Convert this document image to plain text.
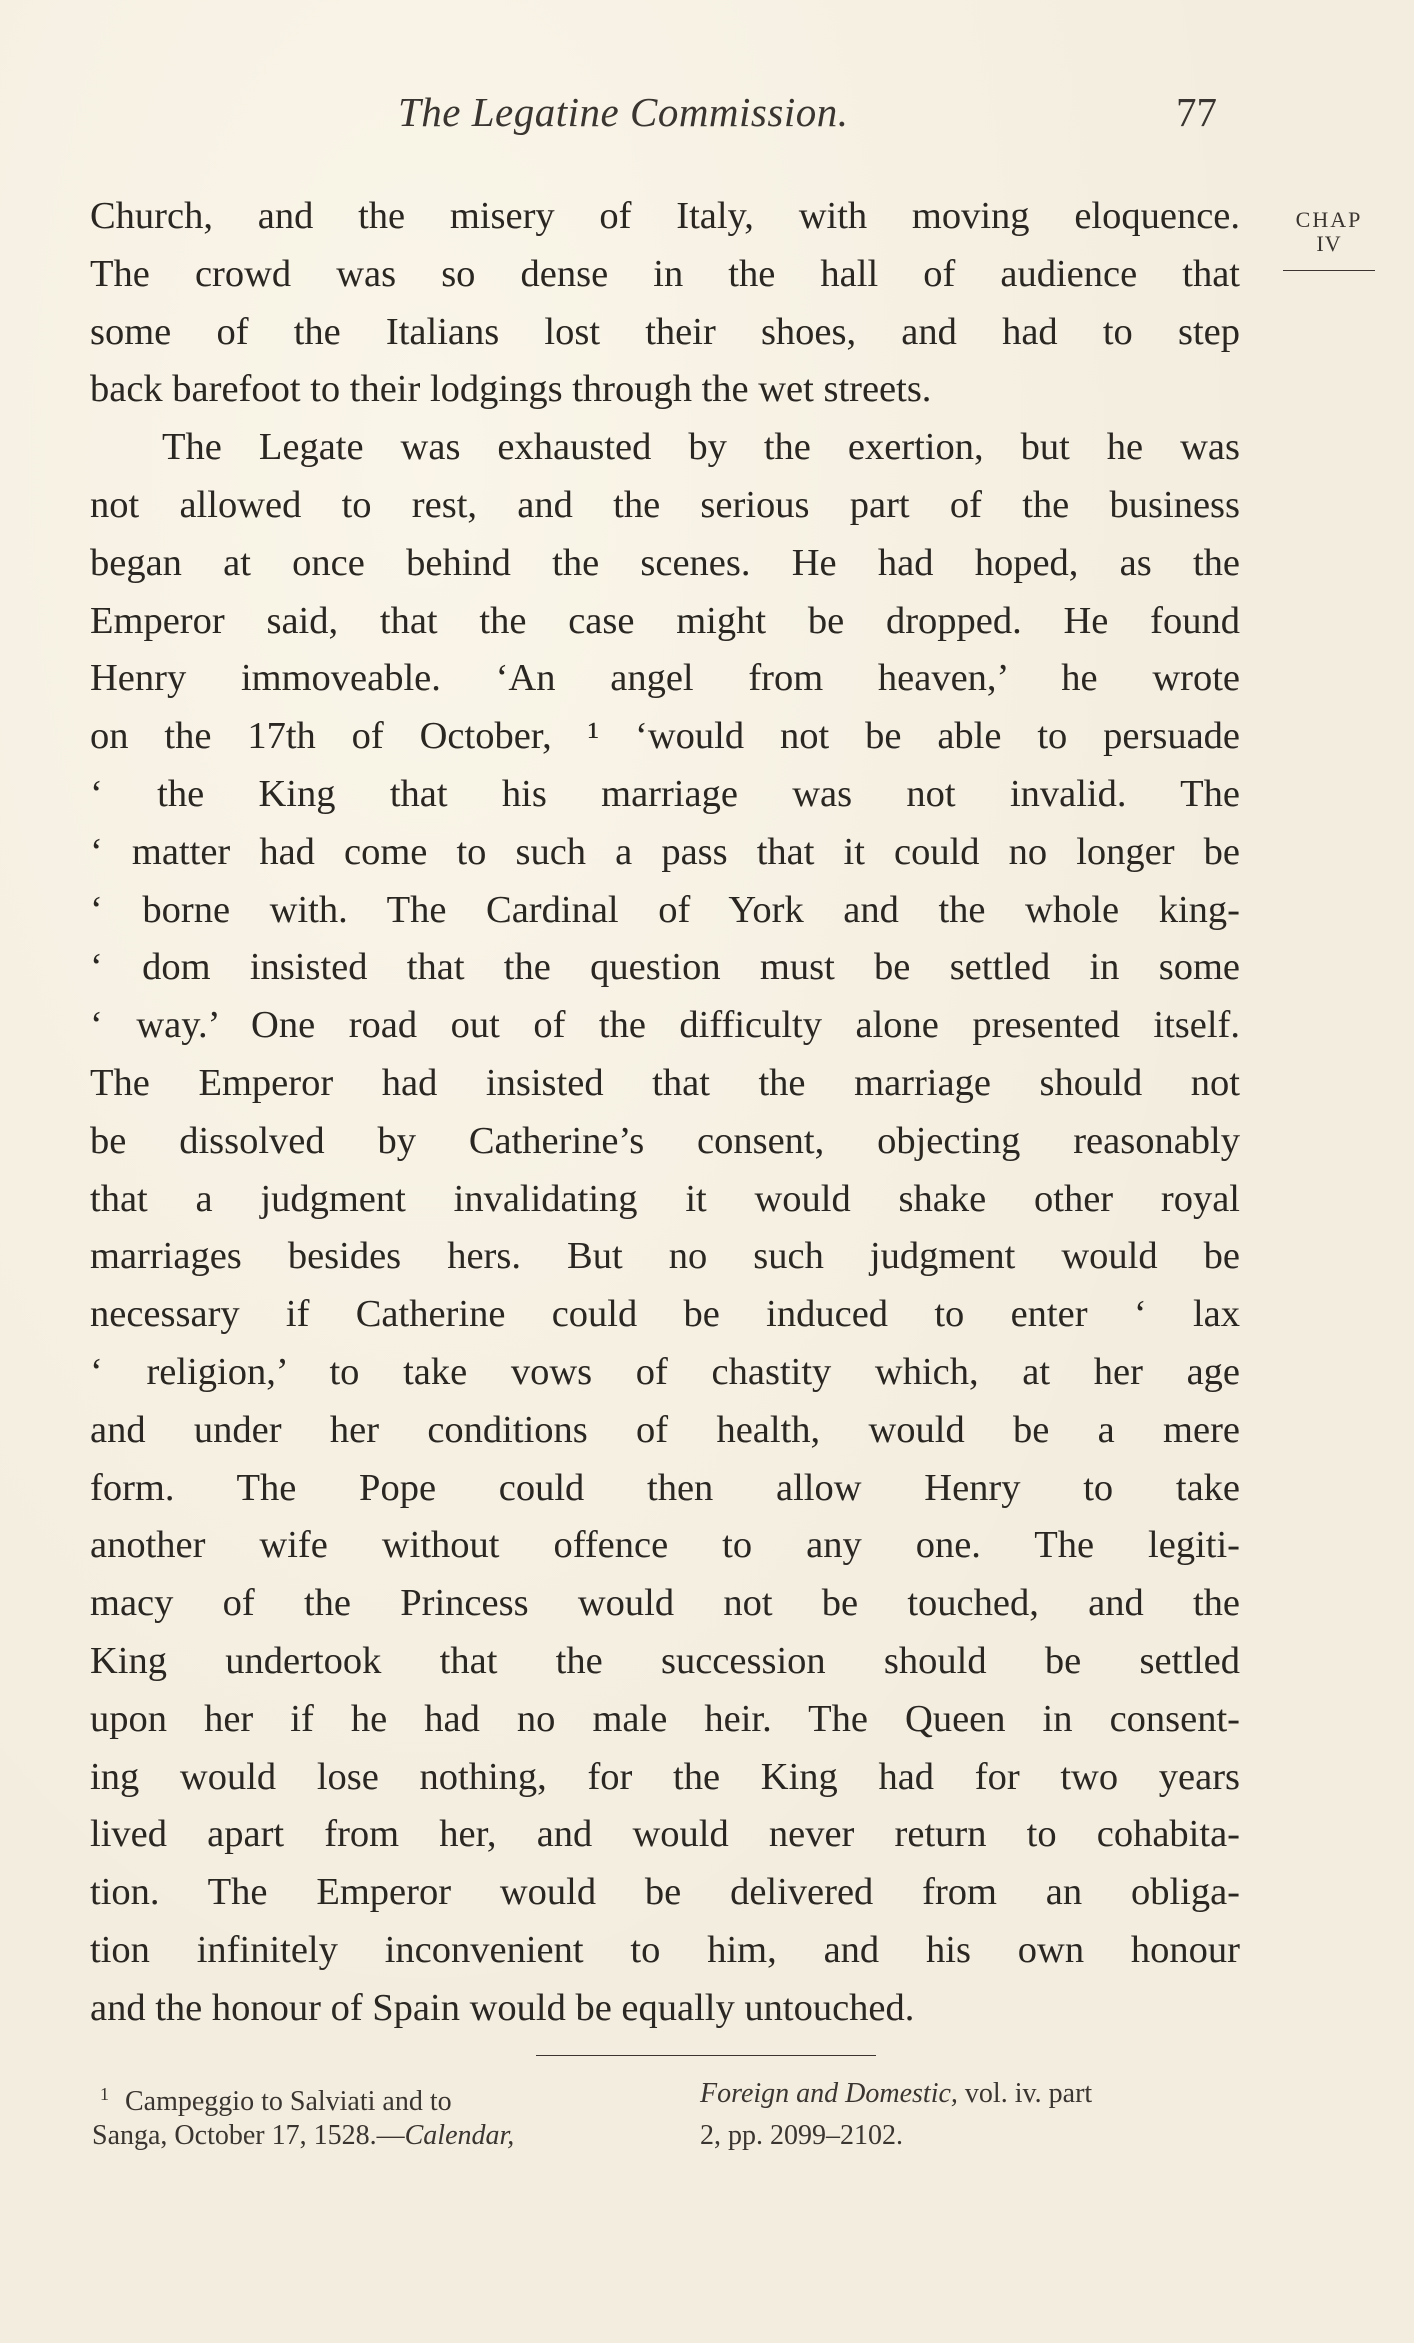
The Legatine Commission.	77
CHAP
IV
Church, and the misery of Italy, with moving eloquence.
The crowd was so dense in the hall of audience that
some of the Italians lost their shoes, and had to step
back barefoot to their lodgings through the wet streets.
The Legate was exhausted by the exertion, but he was
not allowed to rest, and the serious part of the business
began at once behind the scenes. He had hoped, as the
Emperor said, that the case might be dropped. He found
Henry immoveable. ‘An angel from heaven,’ he wrote
on the 17th of October, ¹ ‘would not be able to persuade
‘ the King that his marriage was not invalid. The
‘ matter had come to such a pass that it could no longer be
‘ borne with. The Cardinal of York and the whole king-
‘ dom insisted that the question must be settled in some
‘ way.’ One road out of the difficulty alone presented itself.
The Emperor had insisted that the marriage should not
be dissolved by Catherine’s consent, objecting reasonably
that a judgment invalidating it would shake other royal
marriages besides hers. But no such judgment would be
necessary if Catherine could be induced to enter ‘ lax
‘ religion,’ to take vows of chastity which, at her age
and under her conditions of health, would be a mere
form. The Pope could then allow Henry to take
another wife without offence to any one. The legiti-
macy of the Princess would not be touched, and the
King undertook that the succession should be settled
upon her if he had no male heir. The Queen in consent-
ing would lose nothing, for the King had for two years
lived apart from her, and would never return to cohabita-
tion. The Emperor would be delivered from an obliga-
tion infinitely inconvenient to him, and his own honour
and the honour of Spain would be equally untouched.
$^1$ Campeggio to Salviati and to
Sanga, October 17, 1528.—Calendar,
Foreign and Domestic, vol. iv. part
2, pp. 2099–2102.
